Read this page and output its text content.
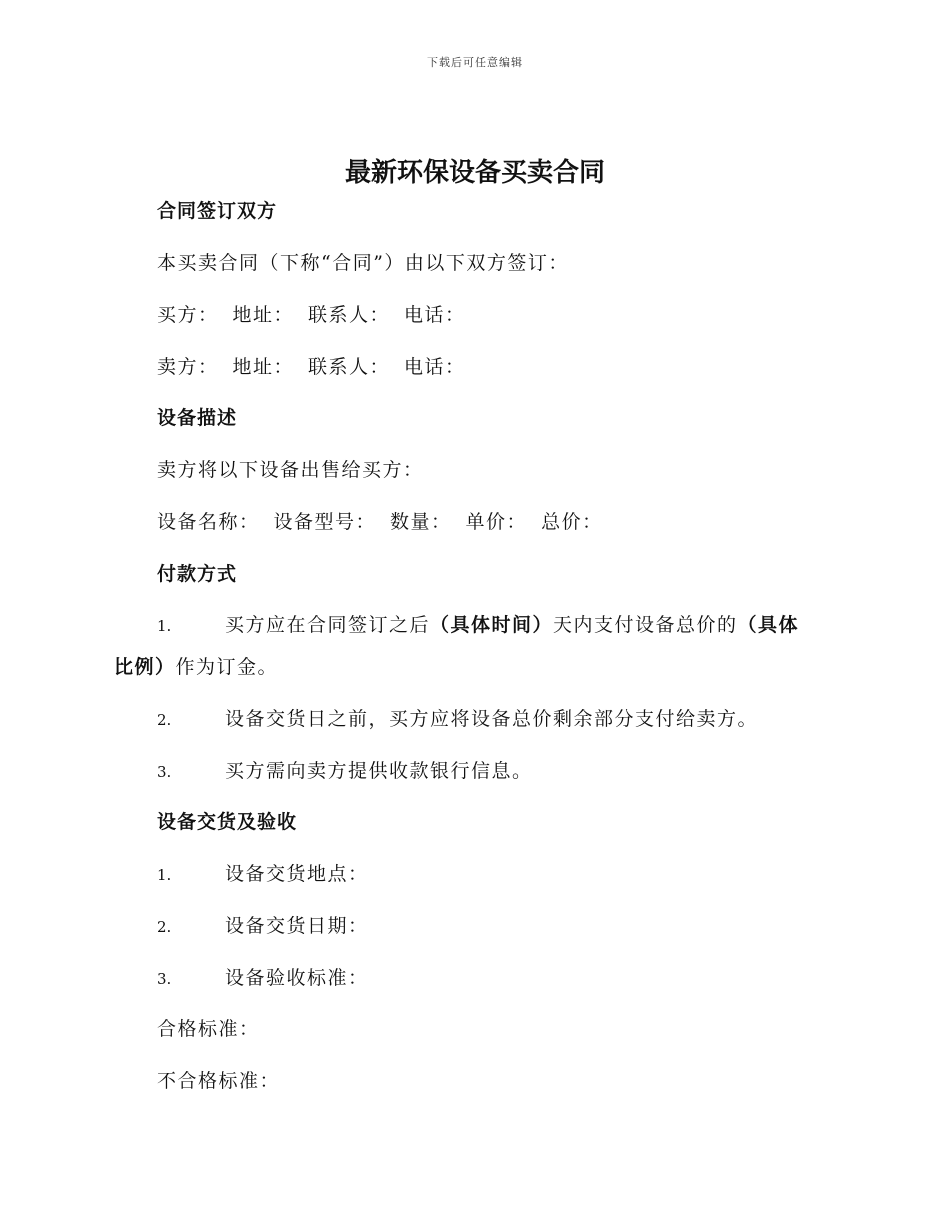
下载后可任意编辑
最新环保设备买卖合同
合同签订双方
本买卖合同（下称“合同”）由以下双方签订：
买方： 地址： 联系人： 电话：
卖方： 地址： 联系人： 电话：
设备描述
卖方将以下设备出售给买方：
设备名称： 设备型号： 数量： 单价： 总价：
付款方式
1.	买方应在合同签订之后（具体时间）天内支付设备总价的（具体
比例）作为订金。
2.	设备交货日之前，买方应将设备总价剩余部分支付给卖方。
3.	买方需向卖方提供收款银行信息。
设备交货及验收
1.	设备交货地点：
2.	设备交货日期：
3.	设备验收标准：
合格标准：
不合格标准：
